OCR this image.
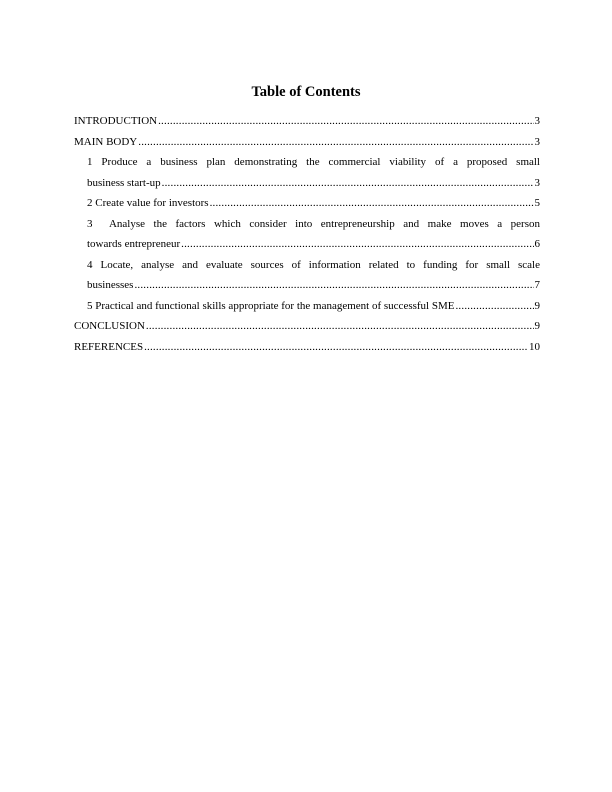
Table of Contents
INTRODUCTION .....	3
MAIN BODY .....	3
1 Produce a business plan demonstrating the commercial viability of a proposed small
business start-up .....	3
2 Create value for investors .....	5
3  Analyse the factors which consider into entrepreneurship and make moves a person
towards entrepreneur .....	6
4 Locate, analyse and evaluate sources of information related to funding for small scale
businesses .....	7
5 Practical and functional skills appropriate for the management of successful SME .....	9
CONCLUSION .....	9
REFERENCES .....	10
